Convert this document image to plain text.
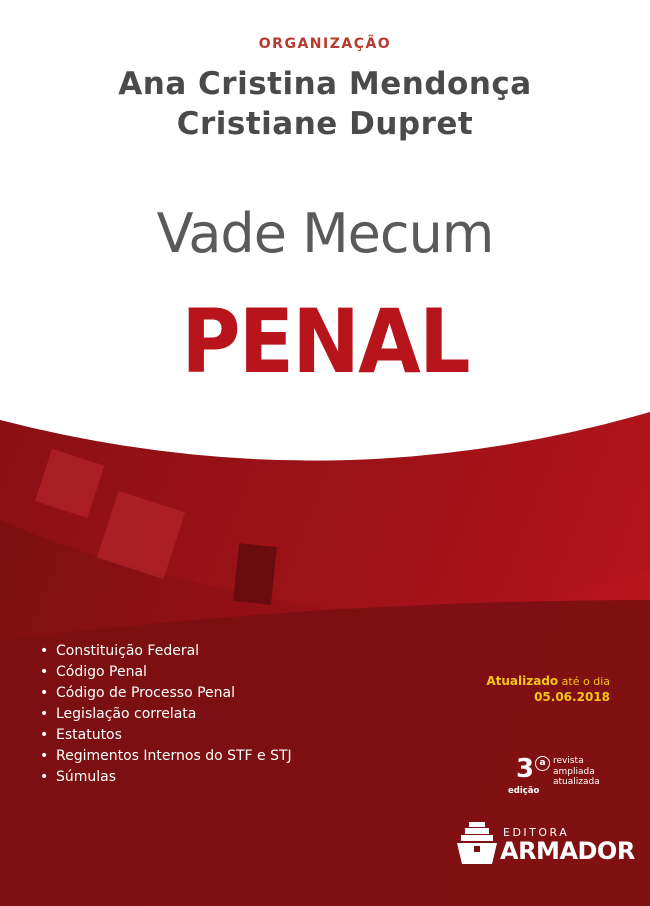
ORGANIZAÇÃO
Ana Cristina Mendonça
Cristiane Dupret
Vade Mecum
PENAL
• Constituição Federal
• Código Penal
• Código de Processo Penal
• Legislação correlata
• Estatutos
• Regimentos Internos do STF e STJ
• Súmulas
Atualizado até o dia
05.06.2018
3 a
edição
revista
ampliada
atualizada
EDITORA
ARMADOR
